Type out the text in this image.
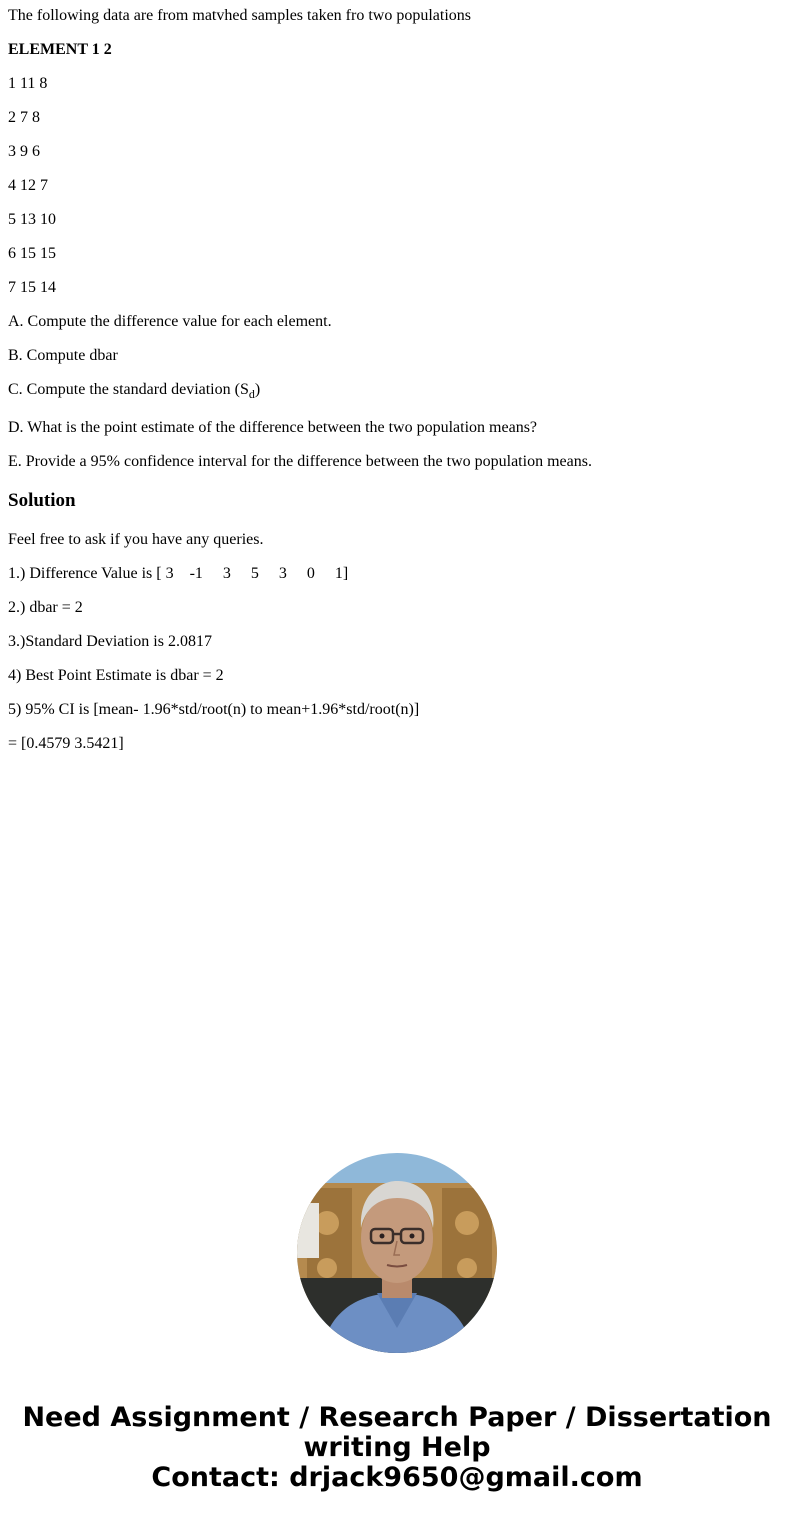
The following data are from matvhed samples taken fro two populations
ELEMENT 1 2
1 11 8
2 7 8
3 9 6
4 12 7
5 13 10
6 15 15
7 15 14
A. Compute the difference value for each element.
B. Compute dbar
C. Compute the standard deviation $(S_d)$
D. What is the point estimate of the difference between the two population means?
E. Provide a 95% confidence interval for the difference between the two population means.
Solution
Feel free to ask if you have any queries.
1.) Difference Value is [ 3    -1     3     5     3     0     1]
2.) dbar = 2
3.)Standard Deviation is 2.0817
4) Best Point Estimate is dbar = 2
5) 95% CI is [mean- 1.96*std/root(n) to mean+1.96*std/root(n)]
= [0.4579 3.5421]
Need Assignment / Research Paper / Dissertation
writing Help
Contact: drjack9650@gmail.com
